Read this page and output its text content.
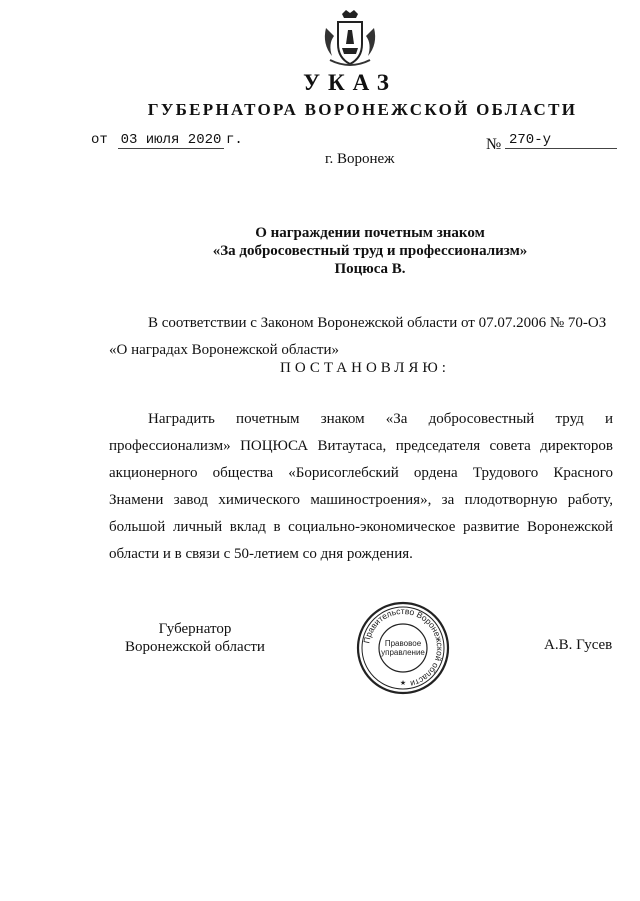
УКАЗ
ГУБЕРНАТОРА ВОРОНЕЖСКОЙ ОБЛАСТИ
от 03 июля 2020 г.	№ 270-у
г. Воронеж
О награждении почетным знаком
«За добросовестный труд и профессионализм»
Поцюса В.
В соответствии с Законом Воронежской области от 07.07.2006 № 70-ОЗ
«О наградах Воронежской области»
ПОСТАНОВЛЯЮ:
Наградить почетным знаком «За добросовестный труд и
профессионализм» ПОЦЮСА Витаутаса, председателя совета директоров
акционерного общества «Борисоглебский ордена Трудового Красного
Знамени завод химического машиностроения», за плодотворную работу,
большой личный вклад в социально-экономическое развитие Воронежской
области и в связи с 50-летием со дня рождения.
Губернатор
Воронежской области	Правительство Воронежской области
Правовое
управление
★
А.В. Гусев
